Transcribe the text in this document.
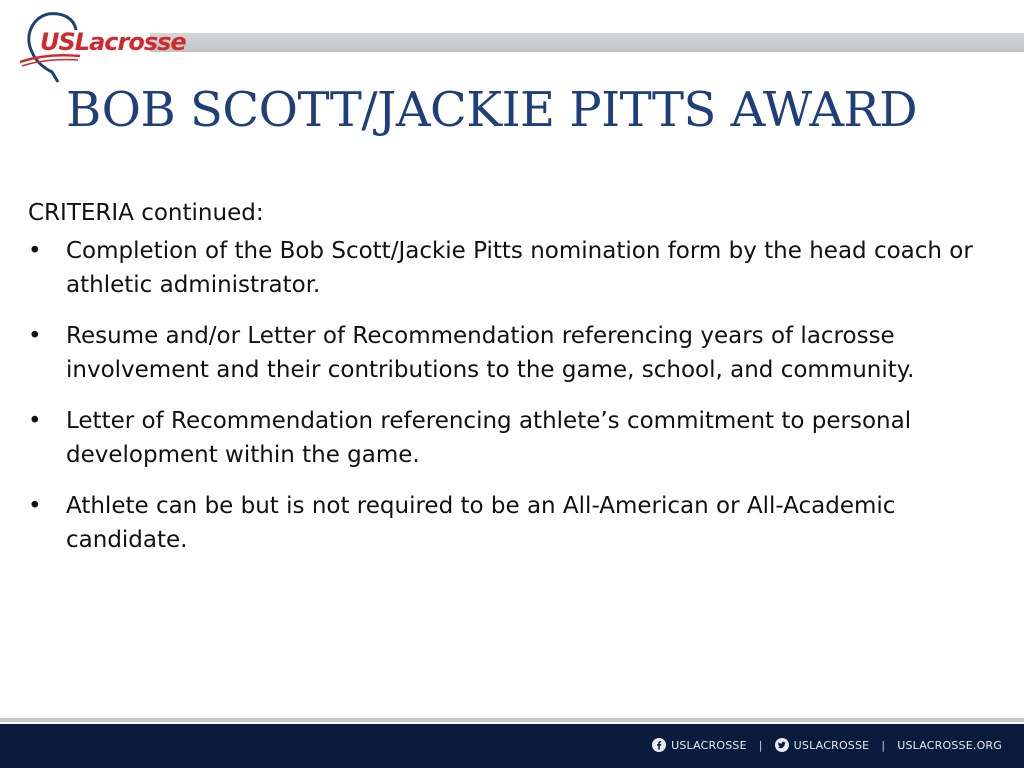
USLacrosse
BOB SCOTT/JACKIE PITTS AWARD

CRITERIA continued:

• Completion of the Bob Scott/Jackie Pitts nomination form by the head coach or athletic administrator.
• Resume and/or Letter of Recommendation referencing years of lacrosse involvement and their contributions to the game, school, and community.
• Letter of Recommendation referencing athlete’s commitment to personal development within the game.
• Athlete can be but is not required to be an All-American or All-Academic candidate.
USLACROSSE |	USLACROSSE | USLACROSSE.ORG
